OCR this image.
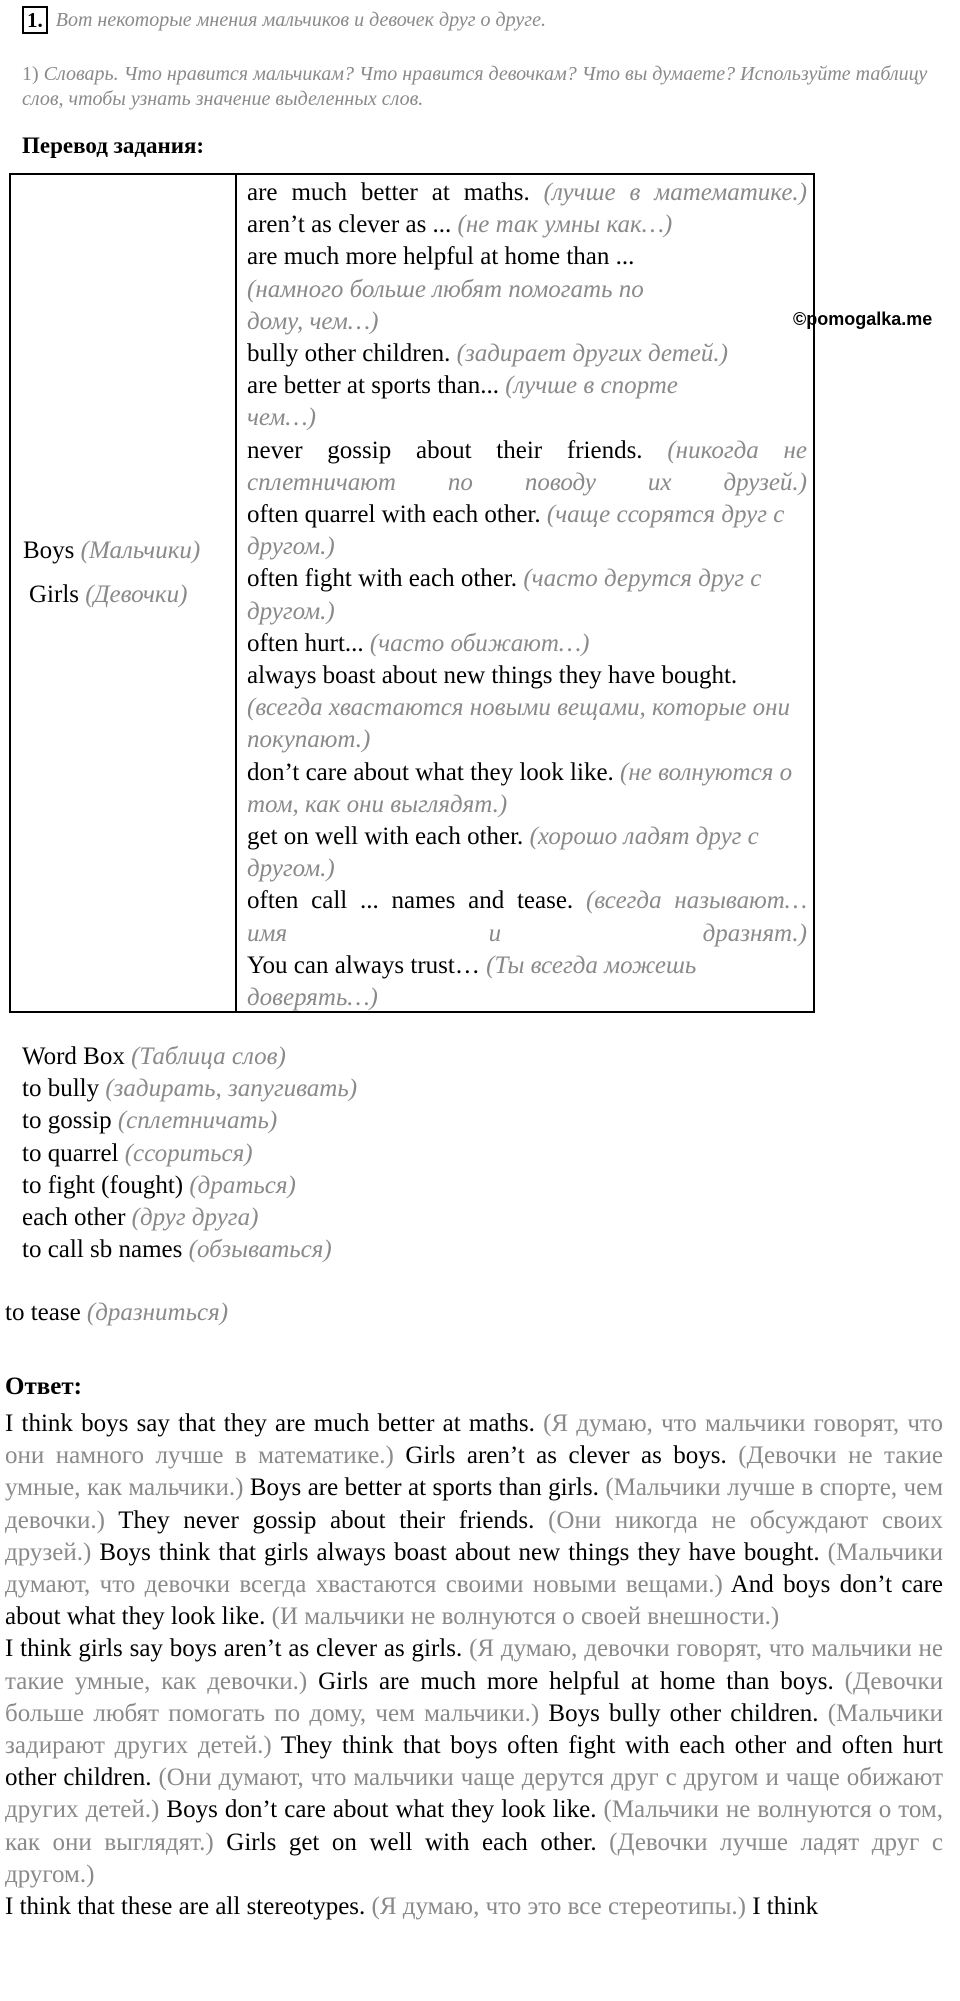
1. Вот некоторые мнения мальчиков и девочек друг о друге.
1) Словарь. Что нравится мальчикам? Что нравится девочкам? Что вы думаете? Используйте таблицу слов, чтобы узнать значение выделенных слов.
Перевод задания:
©pomogalka.me
Boys (Мальчики)
Girls (Девочки)

are much better at maths. (лучше в математике.)

aren’t as clever as ... (не так умны как…)

are much more helpful at home than ... (намного больше любят помогать по дому, чем…)

bully other children. (задирает других детей.)

are better at sports than... (лучше в спорте чем…)

never gossip about their friends. (никогда не сплетничают по поводу их друзей.)

often quarrel with each other. (чаще ссорятся друг с другом.)

often fight with each other. (часто дерутся друг с другом.)

often hurt... (часто обижают…)

always boast about new things they have bought. (всегда хвастаются новыми вещами, которые они покупают.)

don’t care about what they look like. (не волнуются о том, как они выглядят.)

get on well with each other. (хорошо ладят друг с другом.)

often call ... names and tease. (всегда называют… имя и дразнят.)

You can always trust… (Ты всегда можешь доверять…)

Word Box (Таблица слов)
to bully (задирать, запугивать)
to gossip (сплетничать)
to quarrel (ссориться)
to fight (fought) (драться)
each other (друг друга)
to call sb names (обзываться)
to tease (дразниться)
Ответ:

I think boys say that they are much better at maths. (Я думаю, что мальчики говорят, что они намного лучше в математике.) Girls aren’t as clever as boys. (Девочки не такие умные, как мальчики.) Boys are better at sports than girls. (Мальчики лучше в спорте, чем девочки.) They never gossip about their friends. (Они никогда не обсуждают своих друзей.) Boys think that girls always boast about new things they have bought. (Мальчики думают, что девочки всегда хвастаются своими новыми вещами.) And boys don’t care about what they look like. (И мальчики не волнуются о своей внешности.)

I think girls say boys aren’t as clever as girls. (Я думаю, девочки говорят, что мальчики не такие умные, как девочки.) Girls are much more helpful at home than boys. (Девочки больше любят помогать по дому, чем мальчики.) Boys bully other children. (Мальчики задирают других детей.) They think that boys often fight with each other and often hurt other children. (Они думают, что мальчики чаще дерутся друг с другом и чаще обижают других детей.) Boys don’t care about what they look like. (Мальчики не волнуются о том, как они выглядят.) Girls get on well with each other. (Девочки лучше ладят друг с другом.)

I think that these are all stereotypes. (Я думаю, что это все стереотипы.) I think
